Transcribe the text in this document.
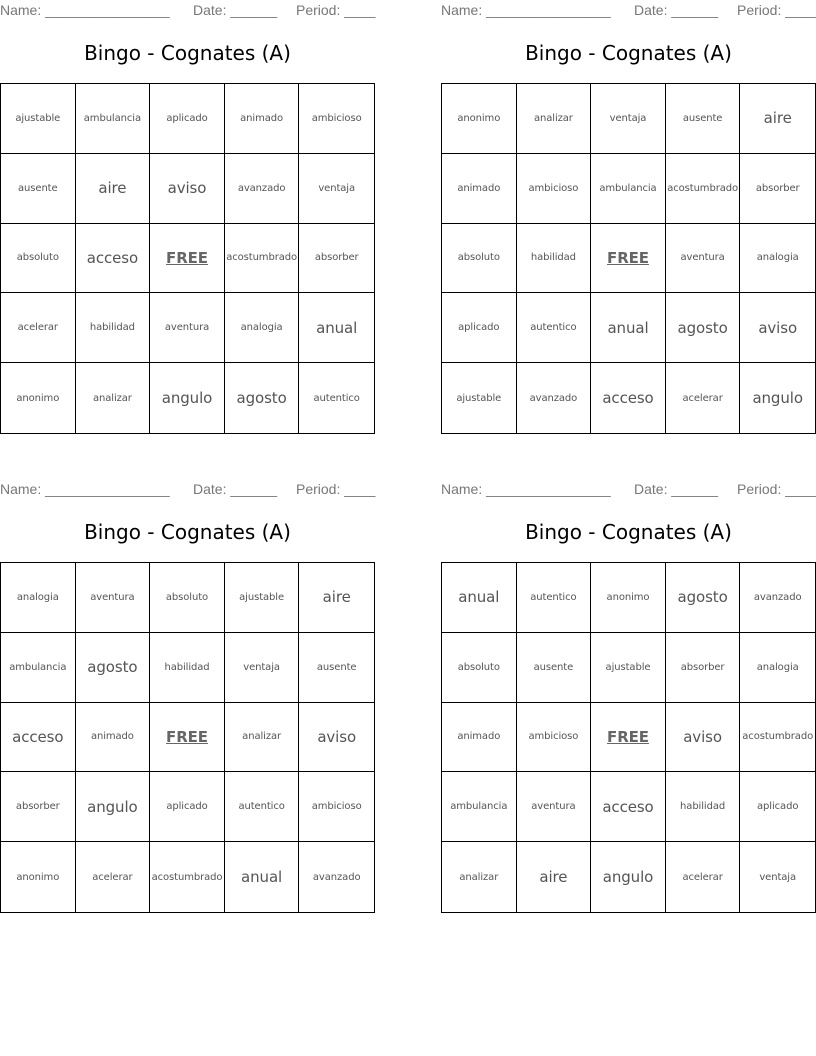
Name: ________________ Date: ______ Period: ____
Bingo - Cognates (A)
ajustable	ambulancia	aplicado	animado	ambicioso
ausente	aire	aviso	avanzado	ventaja
absoluto	acceso	FREE	acostumbrado	absorber
acelerar	habilidad	aventura	analogia	anual
anonimo	analizar	angulo	agosto	autentico
Name: ________________ Date: ______ Period: ____
Bingo - Cognates (A)
anonimo	analizar	ventaja	ausente	aire
animado	ambicioso	ambulancia	acostumbrado	absorber
absoluto	habilidad	FREE	aventura	analogia
aplicado	autentico	anual	agosto	aviso
ajustable	avanzado	acceso	acelerar	angulo
Name: ________________ Date: ______ Period: ____
Bingo - Cognates (A)
analogia	aventura	absoluto	ajustable	aire
ambulancia	agosto	habilidad	ventaja	ausente
acceso	animado	FREE	analizar	aviso
absorber	angulo	aplicado	autentico	ambicioso
anonimo	acelerar	acostumbrado	anual	avanzado
Name: ________________ Date: ______ Period: ____
Bingo - Cognates (A)
anual	autentico	anonimo	agosto	avanzado
absoluto	ausente	ajustable	absorber	analogia
animado	ambicioso	FREE	aviso	acostumbrado
ambulancia	aventura	acceso	habilidad	aplicado
analizar	aire	angulo	acelerar	ventaja
